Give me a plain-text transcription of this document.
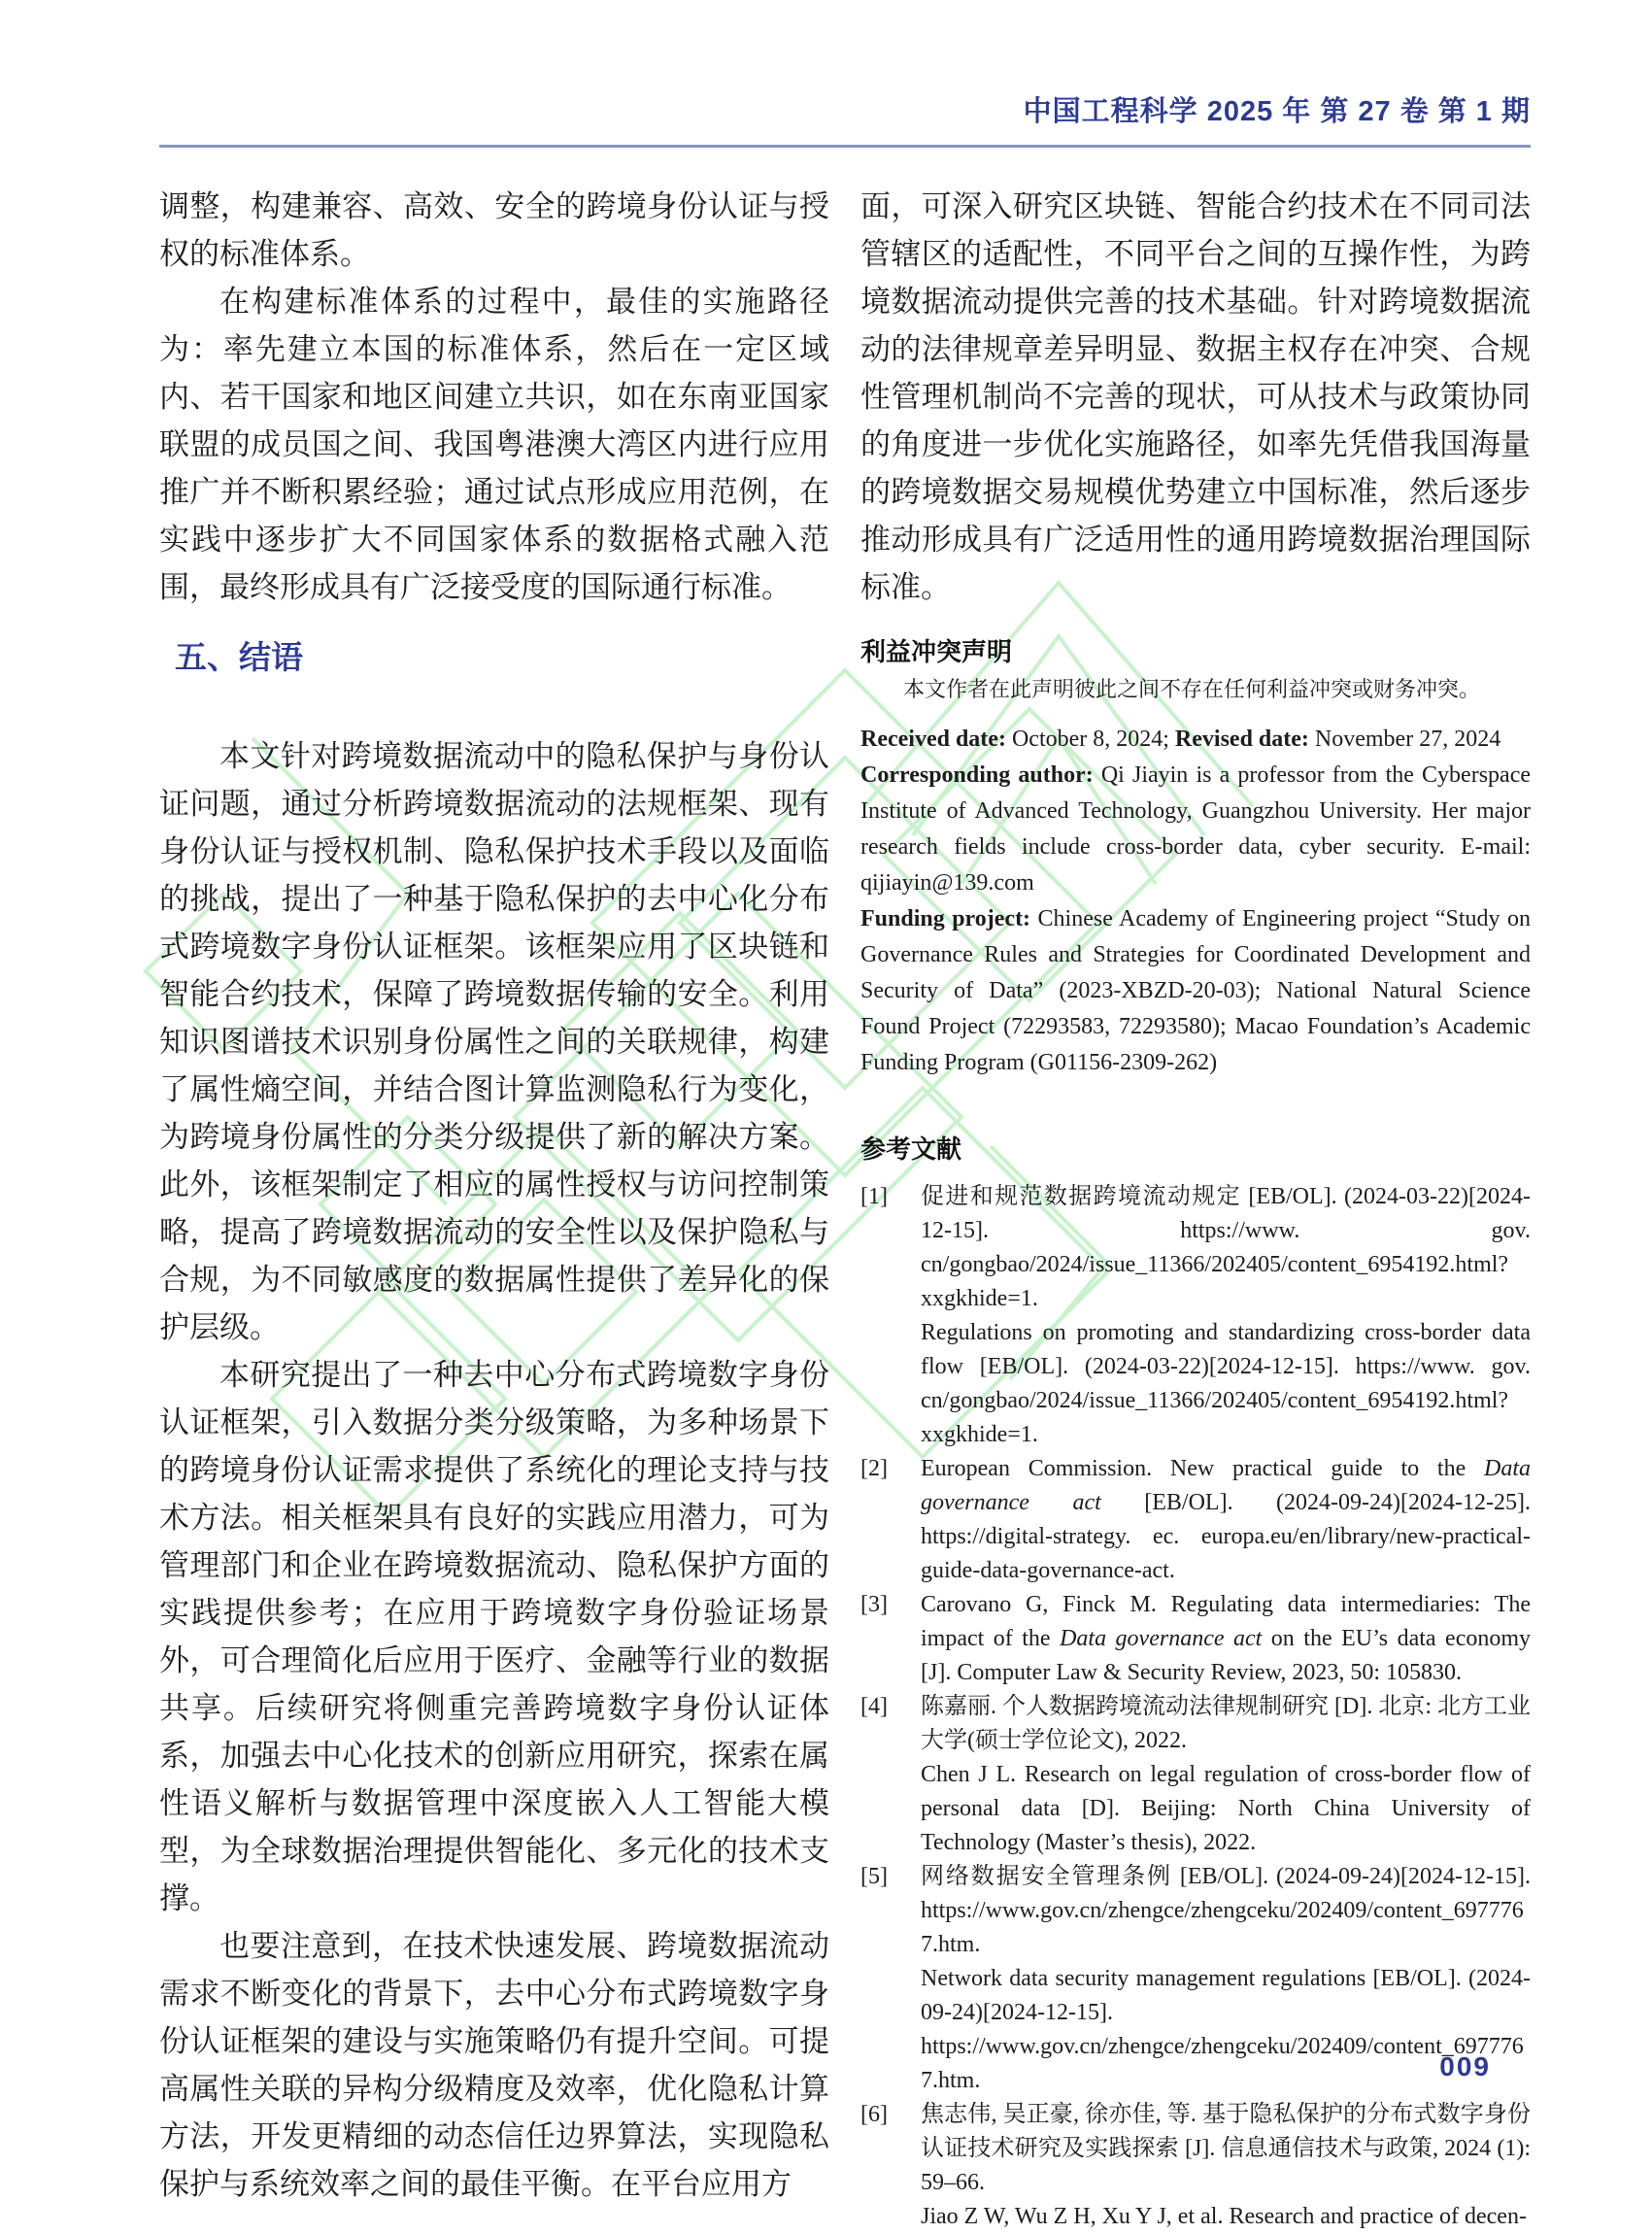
中国工程科学 2025 年 第 27 卷 第 1 期

调整，构建兼容、高效、安全的跨境身份认证与授权的标准体系。

在构建标准体系的过程中，最佳的实施路径为：率先建立本国的标准体系，然后在一定区域内、若干国家和地区间建立共识，如在东南亚国家联盟的成员国之间、我国粤港澳大湾区内进行应用推广并不断积累经验；通过试点形成应用范例，在实践中逐步扩大不同国家体系的数据格式融入范围，最终形成具有广泛接受度的国际通行标准。

五、结语

本文针对跨境数据流动中的隐私保护与身份认证问题，通过分析跨境数据流动的法规框架、现有身份认证与授权机制、隐私保护技术手段以及面临的挑战，提出了一种基于隐私保护的去中心化分布式跨境数字身份认证框架。该框架应用了区块链和智能合约技术，保障了跨境数据传输的安全。利用知识图谱技术识别身份属性之间的关联规律，构建了属性熵空间，并结合图计算监测隐私行为变化，为跨境身份属性的分类分级提供了新的解决方案。此外，该框架制定了相应的属性授权与访问控制策略，提高了跨境数据流动的安全性以及保护隐私与合规，为不同敏感度的数据属性提供了差异化的保护层级。

本研究提出了一种去中心分布式跨境数字身份认证框架，引入数据分类分级策略，为多种场景下的跨境身份认证需求提供了系统化的理论支持与技术方法。相关框架具有良好的实践应用潜力，可为管理部门和企业在跨境数据流动、隐私保护方面的实践提供参考；在应用于跨境数字身份验证场景外，可合理简化后应用于医疗、金融等行业的数据共享。后续研究将侧重完善跨境数字身份认证体系，加强去中心化技术的创新应用研究，探索在属性语义解析与数据管理中深度嵌入人工智能大模型，为全球数据治理提供智能化、多元化的技术支撑。

也要注意到，在技术快速发展、跨境数据流动需求不断变化的背景下，去中心分布式跨境数字身份认证框架的建设与实施策略仍有提升空间。可提高属性关联的异构分级精度及效率，优化隐私计算方法，开发更精细的动态信任边界算法，实现隐私保护与系统效率之间的最佳平衡。在平台应用方

面，可深入研究区块链、智能合约技术在不同司法管辖区的适配性，不同平台之间的互操作性，为跨境数据流动提供完善的技术基础。针对跨境数据流动的法律规章差异明显、数据主权存在冲突、合规性管理机制尚不完善的现状，可从技术与政策协同的角度进一步优化实施路径，如率先凭借我国海量的跨境数据交易规模优势建立中国标准，然后逐步推动形成具有广泛适用性的通用跨境数据治理国际标准。

利益冲突声明

本文作者在此声明彼此之间不存在任何利益冲突或财务冲突。

Received date: October 8, 2024; Revised date: November 27, 2024

Corresponding author: Qi Jiayin is a professor from the Cyberspace Institute of Advanced Technology, Guangzhou University. Her major research fields include cross-border data, cyber security. E-mail: qijiayin@139.com

Funding project: Chinese Academy of Engineering project “Study on Governance Rules and Strategies for Coordinated Development and Security of Data” (2023-XBZD-20-03); National Natural Science Found Project (72293583, 72293580); Macao Foundation’s Academic Funding Program (G01156-2309-262)

参考文献
[1]	促进和规范数据跨境流动规定 [EB/OL]. (2024-03-22)[2024-12-15]. https://www. gov. cn/gongbao/2024/issue_11366/202405/content_6954192.html?xxgkhide=1.

Regulations on promoting and standardizing cross-border data flow [EB/OL]. (2024-03-22)[2024-12-15]. https://www. gov. cn/gongbao/2024/issue_11366/202405/content_6954192.html?xxgkhide=1.

[2]	European Commission. New practical guide to the Data governance act [EB/OL]. (2024-09-24)[2024-12-25]. https://digital-strategy. ec. europa.eu/en/library/new-practical-guide-data-governance-act.

[3]	Carovano G, Finck M. Regulating data intermediaries: The impact of the Data governance act on the EU’s data economy [J]. Computer Law & Security Review, 2023, 50: 105830.

[4]	陈嘉丽. 个人数据跨境流动法律规制研究 [D]. 北京: 北方工业大学(硕士学位论文), 2022.

Chen J L. Research on legal regulation of cross-border flow of personal data [D]. Beijing: North China University of Technology (Master’s thesis), 2022.

[5]	网络数据安全管理条例 [EB/OL]. (2024-09-24)[2024-12-15]. https://www.gov.cn/zhengce/zhengceku/202409/content_6977767.htm.

Network data security management regulations [EB/OL]. (2024-09-24)[2024-12-15]. https://www.gov.cn/zhengce/zhengceku/202409/content_6977767.htm.

[6]	焦志伟, 吴正豪, 徐亦佳, 等. 基于隐私保护的分布式数字身份认证技术研究及实践探索 [J]. 信息通信技术与政策, 2024 (1): 59–66.

Jiao Z W, Wu Z H, Xu Y J, et al. Research and practice of decen-

009
